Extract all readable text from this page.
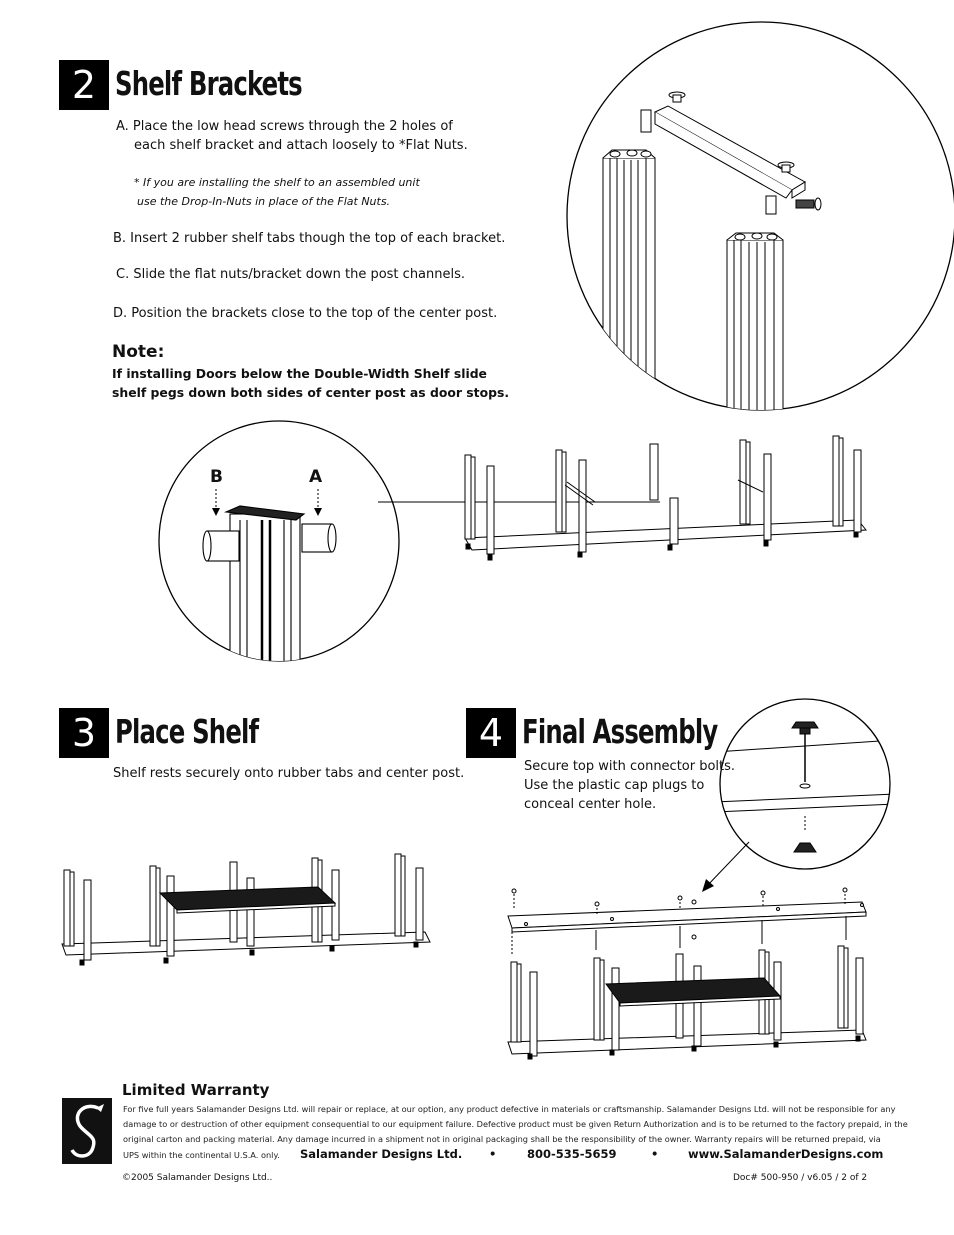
2 Shelf Brackets
A. Place the low head screws through the 2 holes of
each shelf bracket and attach loosely to *Flat Nuts.
* If you are installing the shelf to an assembled unit
use the Drop-In-Nuts in place of the Flat Nuts.
B. Insert 2 rubber shelf tabs though the top of each bracket.
C. Slide the flat nuts/bracket down the post channels.
D. Position the brackets close to the top of the center post.
Note:
If installing Doors below the Double-Width Shelf slide
shelf pegs down both sides of center post as door stops.
B	A
3 Place Shelf
Shelf rests securely onto rubber tabs and center post.
4 Final Assembly
Secure top with connector bolts.
Use the plastic cap plugs to
conceal center hole.
Limited Warranty
For five full years Salamander Designs Ltd. will repair or replace, at our option, any product defective in materials or craftsmanship. Salamander Designs Ltd. will not be responsible for any
damage to or destruction of other equipment consequential to our equipment failure. Defective product must be given Return Authorization and is to be returned to the factory prepaid, in the
original carton and packing material. Any damage incurred in a shipment not in original packaging shall be the responsibility of the owner. Warranty repairs will be returned prepaid, via
UPS within the continental U.S.A. only. Salamander Designs Ltd. •	800-535-5659	•	www.SalamanderDesigns.com
©2005 Salamander Designs Ltd..	Doc# 500-950 / v6.05 / 2 of 2
